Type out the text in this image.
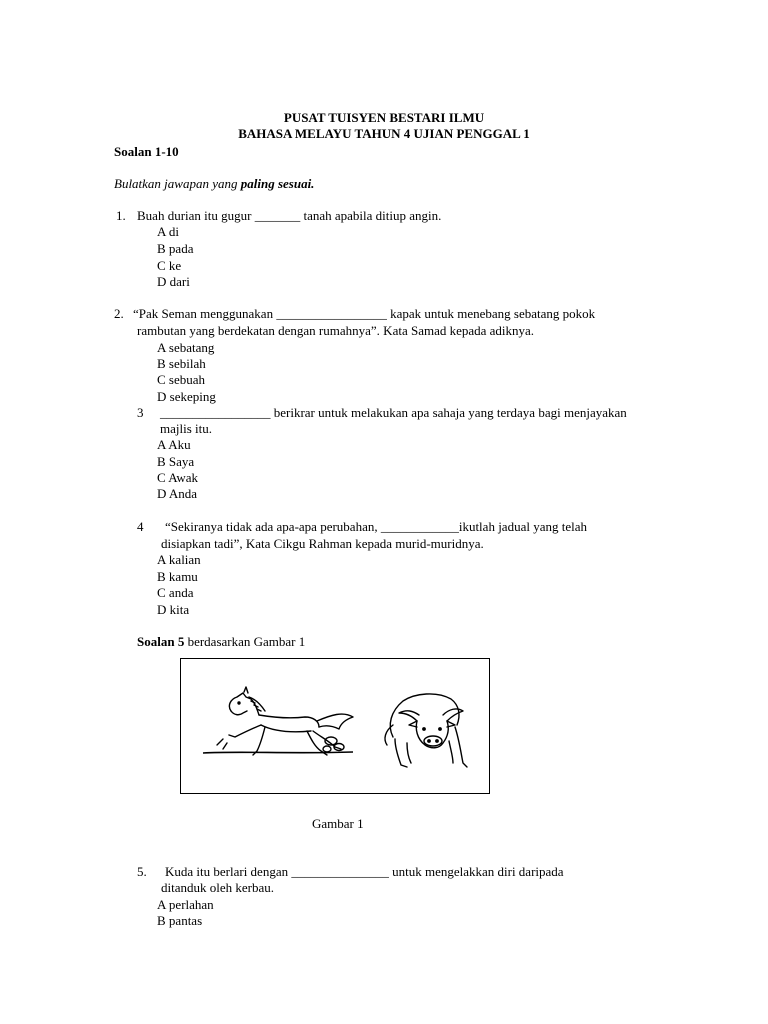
PUSAT TUISYEN BESTARI ILMU
BAHASA MELAYU TAHUN 4 UJIAN PENGGAL 1
Soalan 1-10
Bulatkan jawapan yang paling sesuai.
1. Buah durian itu gugur _______ tanah apabila ditiup angin.
A di
B pada
C ke
D dari
2. “Pak Seman menggunakan _________________ kapak untuk menebang sebatang pokok
rambutan yang berdekatan dengan rumahnya”. Kata Samad kepada adiknya.
A sebatang
B sebilah
C sebuah
D sekeping
3 _________________ berikrar untuk melakukan apa sahaja yang terdaya bagi menjayakan
majlis itu.
A Aku
B Saya
C Awak
D Anda
4 “Sekiranya tidak ada apa-apa perubahan, ____________ikutlah jadual yang telah
disiapkan tadi”, Kata Cikgu Rahman kepada murid-muridnya.
A kalian
B kamu
C anda
D kita
Soalan 5 berdasarkan Gambar 1
Gambar 1
5. Kuda itu berlari dengan _______________ untuk mengelakkan diri daripada
ditanduk oleh kerbau.
A perlahan
B pantas
